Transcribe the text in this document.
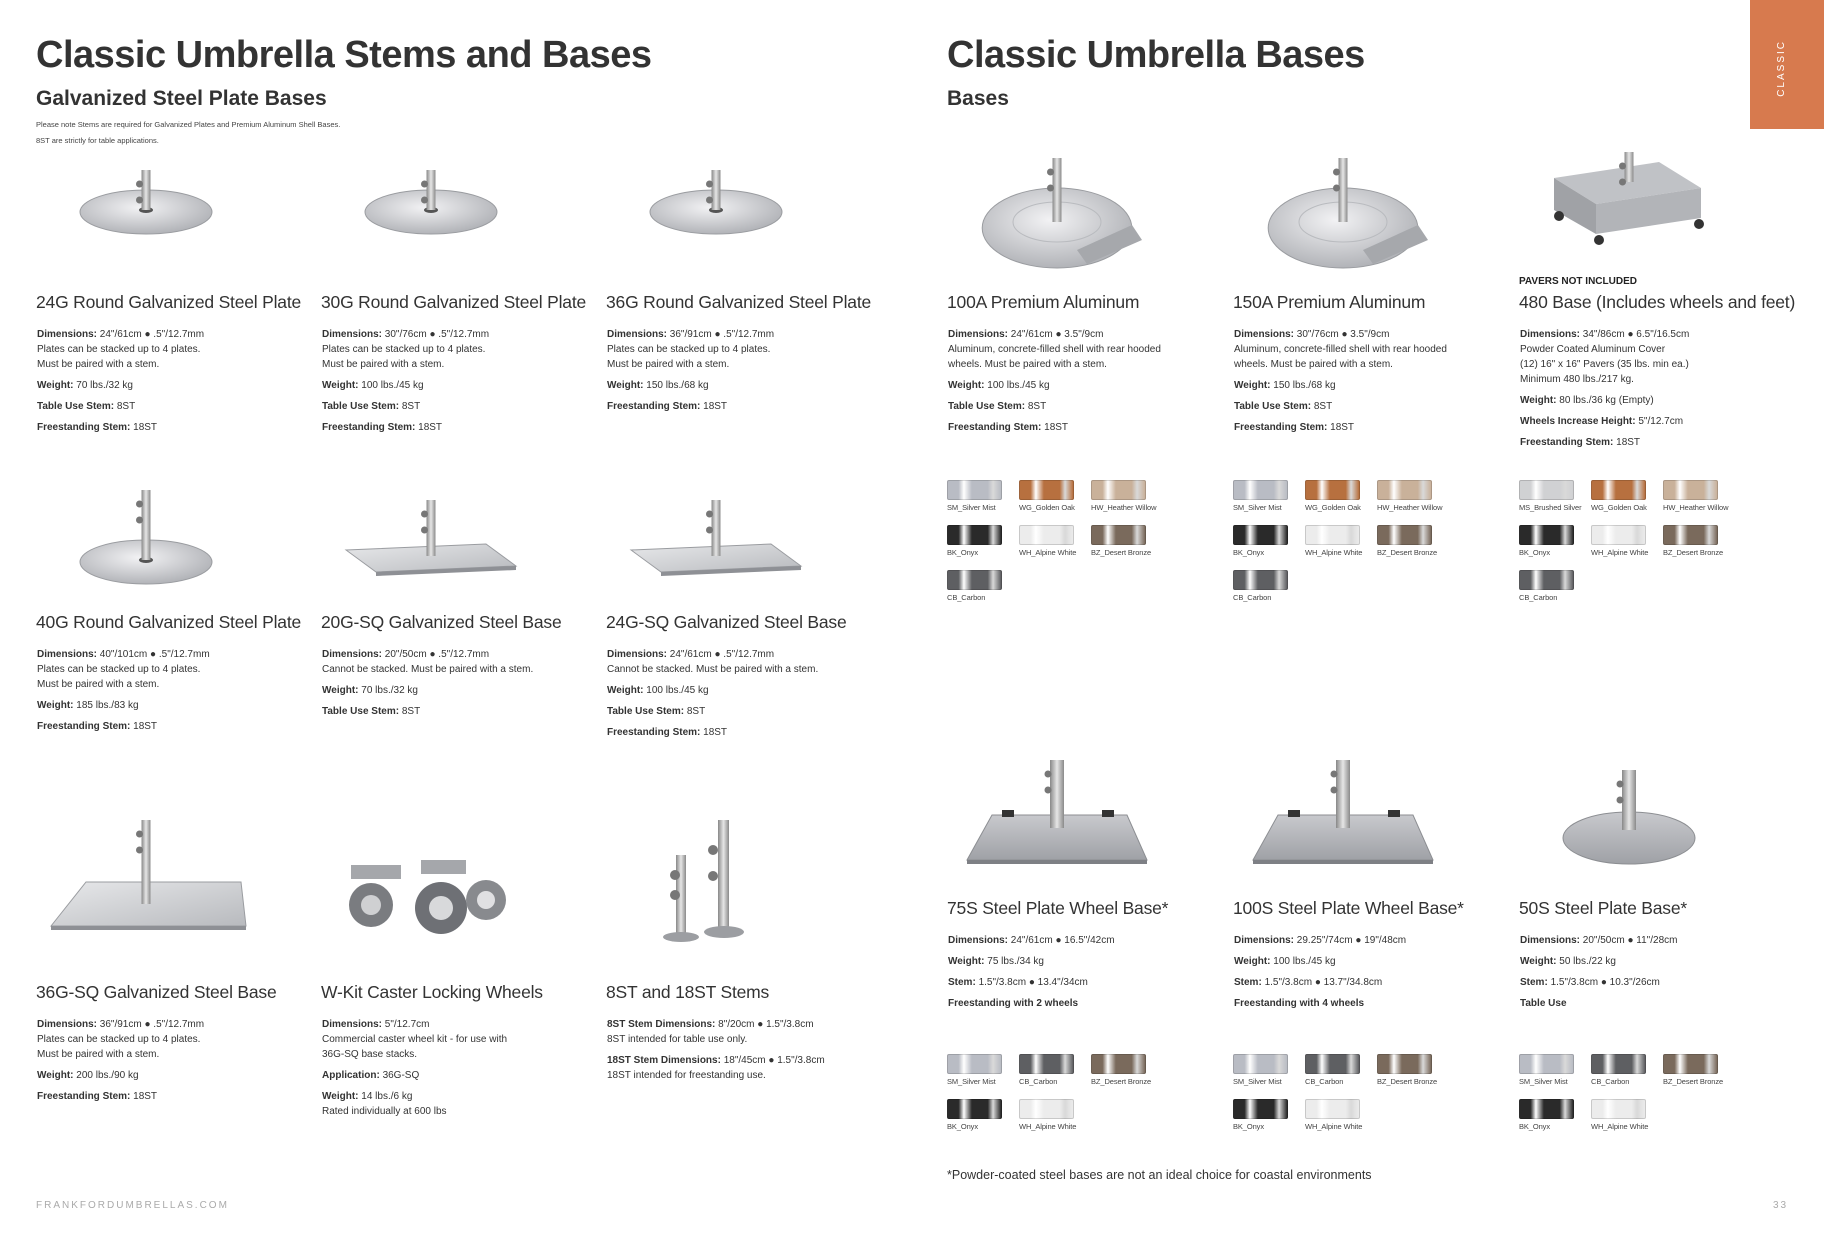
Classic Umbrella Stems and Bases
Galvanized Steel Plate Bases
Please note Stems are required for Galvanized Plates and Premium Aluminum Shell Bases.
8ST are strictly for table applications.
24G Round Galvanized Steel Plate
Dimensions: 24"/61cm ● .5"/12.7mm
Plates can be stacked up to 4 plates.
Must be paired with a stem.
Weight: 70 lbs./32 kg
Table Use Stem: 8ST
Freestanding Stem: 18ST
30G Round Galvanized Steel Plate
Dimensions: 30"/76cm ● .5"/12.7mm
Plates can be stacked up to 4 plates.
Must be paired with a stem.
Weight: 100 lbs./45 kg
Table Use Stem: 8ST
Freestanding Stem: 18ST
36G Round Galvanized Steel Plate
Dimensions: 36"/91cm ● .5"/12.7mm
Plates can be stacked up to 4 plates.
Must be paired with a stem.
Weight: 150 lbs./68 kg
Freestanding Stem: 18ST
40G Round Galvanized Steel Plate
Dimensions: 40"/101cm ● .5"/12.7mm
Plates can be stacked up to 4 plates.
Must be paired with a stem.
Weight: 185 lbs./83 kg
Freestanding Stem: 18ST
20G-SQ Galvanized Steel Base
Dimensions: 20"/50cm ● .5"/12.7mm
Cannot be stacked. Must be paired with a stem.
Weight: 70 lbs./32 kg
Table Use Stem: 8ST
24G-SQ Galvanized Steel Base
Dimensions: 24"/61cm ● .5"/12.7mm
Cannot be stacked. Must be paired with a stem.
Weight: 100 lbs./45 kg
Table Use Stem: 8ST
Freestanding Stem: 18ST
36G-SQ Galvanized Steel Base
Dimensions: 36"/91cm ● .5"/12.7mm
Plates can be stacked up to 4 plates.
Must be paired with a stem.
Weight: 200 lbs./90 kg
Freestanding Stem: 18ST
W-Kit Caster Locking Wheels
Dimensions: 5"/12.7cm
Commercial caster wheel kit - for use with
36G-SQ base stacks.
Application: 36G-SQ
Weight: 14 lbs./6 kg
Rated individually at 600 lbs
8ST and 18ST Stems
8ST Stem Dimensions: 8"/20cm ● 1.5"/3.8cm
8ST intended for table use only.
18ST Stem Dimensions: 18"/45cm ● 1.5"/3.8cm
18ST intended for freestanding use.
FRANKFORDUMBRELLAS.COM
Classic Umbrella Bases
Bases
100A Premium Aluminum
Dimensions: 24"/61cm ● 3.5"/9cm
Aluminum, concrete-filled shell with rear hooded
wheels. Must be paired with a stem.
Weight: 100 lbs./45 kg
Table Use Stem: 8ST
Freestanding Stem: 18ST
SM_Silver Mist	WG_Golden Oak	HW_Heather Willow
BK_Onyx	WH_Alpine White	BZ_Desert Bronze
CB_Carbon
150A Premium Aluminum
Dimensions: 30"/76cm ● 3.5"/9cm
Aluminum, concrete-filled shell with rear hooded
wheels. Must be paired with a stem.
Weight: 150 lbs./68 kg
Table Use Stem: 8ST
Freestanding Stem: 18ST
SM_Silver Mist	WG_Golden Oak	HW_Heather Willow
BK_Onyx	WH_Alpine White	BZ_Desert Bronze
CB_Carbon
PAVERS NOT INCLUDED
480 Base (Includes wheels and feet)
Dimensions: 34"/86cm ● 6.5"/16.5cm
Powder Coated Aluminum Cover
(12) 16" x 16" Pavers (35 lbs. min ea.)
Minimum 480 lbs./217 kg.
Weight: 80 lbs./36 kg (Empty)
Wheels Increase Height: 5"/12.7cm
Freestanding Stem: 18ST
MS_Brushed Silver	WG_Golden Oak	HW_Heather Willow
BK_Onyx	WH_Alpine White	BZ_Desert Bronze
CB_Carbon
75S Steel Plate Wheel Base*
Dimensions: 24"/61cm ● 16.5"/42cm
Weight: 75 lbs./34 kg
Stem: 1.5"/3.8cm ● 13.4"/34cm
Freestanding with 2 wheels
SM_Silver Mist	CB_Carbon	BZ_Desert Bronze
BK_Onyx	WH_Alpine White
100S Steel Plate Wheel Base*
Dimensions: 29.25"/74cm ● 19"/48cm
Weight: 100 lbs./45 kg
Stem: 1.5"/3.8cm ● 13.7"/34.8cm
Freestanding with 4 wheels
SM_Silver Mist	CB_Carbon	BZ_Desert Bronze
BK_Onyx	WH_Alpine White
50S Steel Plate Base*
Dimensions: 20"/50cm ● 11"/28cm
Weight: 50 lbs./22 kg
Stem: 1.5"/3.8cm ● 10.3"/26cm
Table Use
SM_Silver Mist	CB_Carbon	BZ_Desert Bronze
BK_Onyx	WH_Alpine White
CLASSIC
*Powder-coated steel bases are not an ideal choice for coastal environments
33
